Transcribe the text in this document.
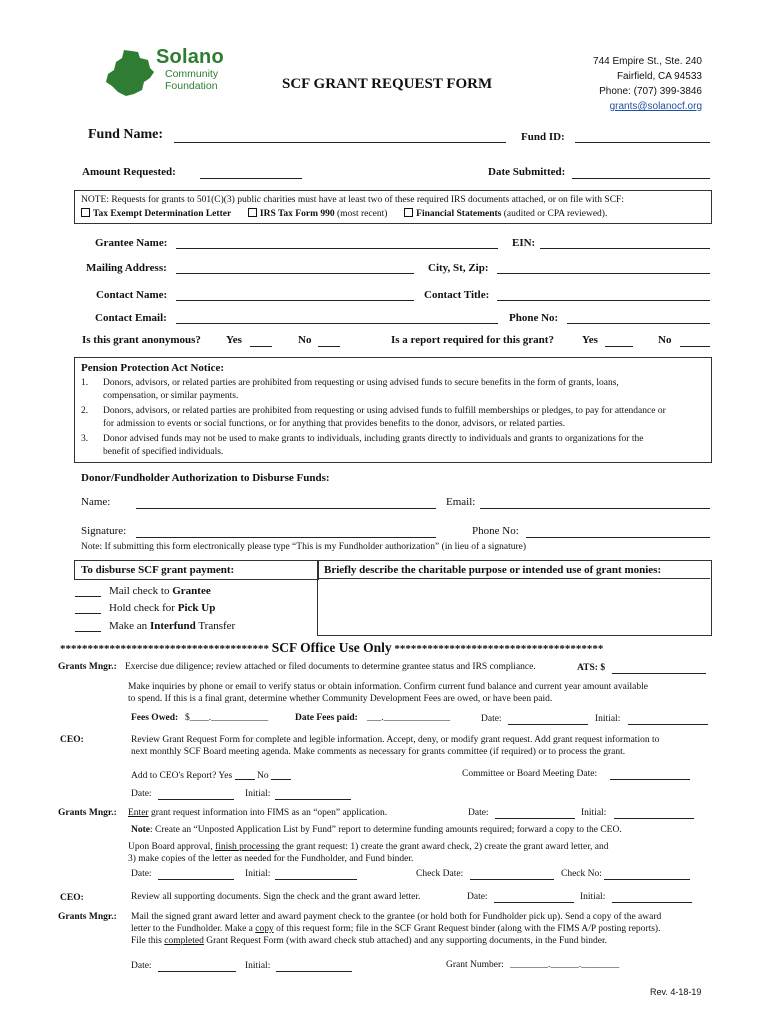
Solano
Community
Foundation	SCF GRANT REQUEST FORM
744 Empire St., Ste. 240
Fairfield, CA 94533
Phone: (707) 399-3846
grants@solanocf.org
Fund Name:	Fund ID:
Amount Requested:	Date Submitted:
NOTE: Requests for grants to 501(C)(3) public charities must have at least two of these required IRS documents attached, or on file with SCF:
Tax Exempt Determination Letter	IRS Tax Form 990 (most recent)	Financial Statements (audited or CPA reviewed).
Grantee Name:	EIN:
Mailing Address:	City, St, Zip:
Contact Name:	Contact Title:
Contact Email:	Phone No:
Is this grant anonymous? Yes	No	Is a report required for this grant?	Yes	No
Pension Protection Act Notice:
1. Donors, advisors, or related parties are prohibited from requesting or using advised funds to secure benefits in the form of grants, loans,
compensation, or similar payments.
2. Donors, advisors, or related parties are prohibited from requesting or using advised funds to fulfill memberships or pledges, to pay for attendance or
for admission to events or social functions, or for anything that provides benefits to the donor, advisors, or related parties.
3. Donor advised funds may not be used to make grants to individuals, including grants directly to individuals and grants to organizations for the
benefit of specified individuals.
Donor/Fundholder Authorization to Disburse Funds:
Name:	Email:
Signature:	Phone No:
Note: If submitting this form electronically please type “This is my Fundholder authorization” (in lieu of a signature)
To disburse SCF grant payment:	Briefly describe the charitable purpose or intended use of grant monies:
Mail check to Grantee
Hold check for Pick Up
Make an Interfund Transfer
************************************** SCF Office Use Only **************************************
Grants Mngr.: Exercise due diligence; review attached or filed documents to determine grantee status and IRS compliance.	ATS: $
Make inquiries by phone or email to verify status or obtain information. Confirm current fund balance and current year amount available
to spend. If this is a final grant, determine whether Community Development Fees are owed, or have been paid.
Fees Owed: $____.____________	Date Fees paid: ___.______________	Date:	Initial:
CEO:	Review Grant Request Form for complete and legible information. Accept, deny, or modify grant request. Add grant request information to
next monthly SCF Board meeting agenda. Make comments as necessary for grants committee (if required) or to process the grant.
Add to CEO's Report? Yes	No	Committee or Board Meeting Date:
Date:	Initial:
Grants Mngr.: Enter grant request information into FIMS as an “open” application.	Date:	Initial:
Note: Create an “Unposted Application List by Fund” report to determine funding amounts required; forward a copy to the CEO.
Upon Board approval, finish processing the grant request: 1) create the grant award check, 2) create the grant award letter, and
3) make copies of the letter as needed for the Fundholder, and Fund binder.
Date:	Initial:	Check Date:	Check No:
CEO:	Review all supporting documents. Sign the check and the grant award letter.	Date:	Initial:
Grants Mngr.: Mail the signed grant award letter and award payment check to the grantee (or hold both for Fundholder pick up). Send a copy of the award
letter to the Fundholder. Make a copy of this request form; file in the SCF Grant Request binder (along with the FIMS A/P posting reports).
File this completed Grant Request Form (with award check stub attached) and any supporting documents, in the Fund binder.
Date:	Initial:	Grant Number: ________.______.________
Rev. 4-18-19
